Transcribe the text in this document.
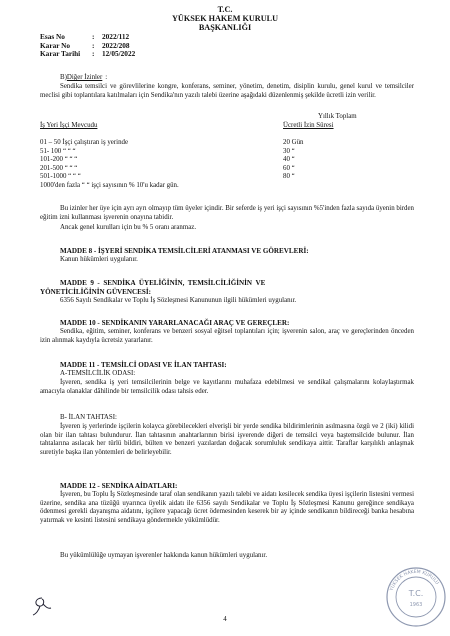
T.C.
YÜKSEK HAKEM KURULU
BAŞKANLIĞI
Esas No	:	2022/112
Karar No	:	2022/208
Karar Tarihi	:	12/05/2022
B)Diğer İzinler :
Sendika temsilci ve görevlilerine kongre, konferans, seminer, yönetim, denetim, disiplin kurulu, genel kurul ve temsilciler meclisi gibi toplantılara katılmaları için Sendika'nın yazılı talebi üzerine aşağıdaki düzenlenmiş şekilde ücretli izin verilir.
Yıllık Toplam
İş Yeri İşçi Mevcudu	Ücretli İzin Süresi
01 – 50 İşçi çalıştıran iş yerinde	20 Gün
51- 100 “ “ “	30 “
101-200 “ “ “	40 “
201-500 “ “ “	60 “
501-1000 “ “ “	80 “
1000'den fazla “ “ işçi sayısının % 10'u kadar gün.
Bu izinler her üye için ayrı ayrı olmayıp tüm üyeler içindir. Bir seferde iş yeri işçi sayısının %5'inden fazla sayıda üyenin birden eğitim izni kullanması işverenin onayına tabidir.
Ancak genel kurulları için bu % 5 oranı aranmaz.
MADDE 8 - İŞYERİ SENDİKA TEMSİLCİLERİ ATANMASI VE GÖREVLERİ:
Kanun hükümleri uygulanır.
MADDE  9  -  SENDİKA  ÜYELİĞİNİN,  TEMSİLCİLİĞİNİN  VE
YÖNETİCİLİĞİNİN GÜVENCESİ:
6356 Sayılı Sendikalar ve Toplu İş Sözleşmesi Kanununun ilgili hükümleri uygulanır.
MADDE 10 - SENDİKANIN YARARLANACAĞI ARAÇ VE GEREÇLER:
Sendika, eğitim, seminer, konferans ve benzeri sosyal eğitsel toplantıları için; işverenin salon, araç ve gereçlerinden önceden izin alınmak kaydıyla ücretsiz yararlanır.
MADDE 11 - TEMSİLCİ ODASI VE İLAN TAHTASI:
A-TEMSİLCİLİK ODASI:
İşveren, sendika iş yeri temsilcilerinin belge ve kayıtlarını muhafaza edebilmesi ve sendikal çalışmalarını kolaylaştırmak amacıyla olanaklar dâhilinde bir temsilcilik odası tahsis eder.
B- İLAN TAHTASI:
İşveren iş yerlerinde işçilerin kolayca görebilecekleri elverişli bir yerde sendika bildirimlerinin asılmasına özgü ve 2 (iki) kilidi olan bir ilan tahtası bulundurur. İlan tahtasının anahtarlarının birisi işverende diğeri de temsilci veya baştemsilcide bulunur. İlan tahtalarına asılacak her türlü bildiri, bülten ve benzeri yazılardan doğacak sorumluluk sendikaya aittir. Taraflar karşılıklı anlaşmak suretiyle başka ilan yöntemleri de belirleyebilir.
MADDE 12 - SENDİKA AİDATLARI:
İşveren, bu Toplu İş Sözleşmesinde taraf olan sendikanın yazılı talebi ve aidatı kesilecek sendika üyesi işçilerin listesini vermesi üzerine, sendika ana tüzüğü uyarınca üyelik aidatı ile 6356 sayılı Sendikalar ve Toplu İş Sözleşmesi Kanunu gereğince sendikaya ödenmesi gerekli dayanışma aidatını, işçilere yapacağı ücret ödemesinden keserek bir ay içinde sendikanın bildireceği banka hesabına yatırmak ve kesinti listesini sendikaya göndermekle yükümlüdür.
Bu yükümlülüğe uymayan işverenler hakkında kanun hükümleri uygulanır.
4
YÜKSEK HAKEM KURULU
T.C.
1963
